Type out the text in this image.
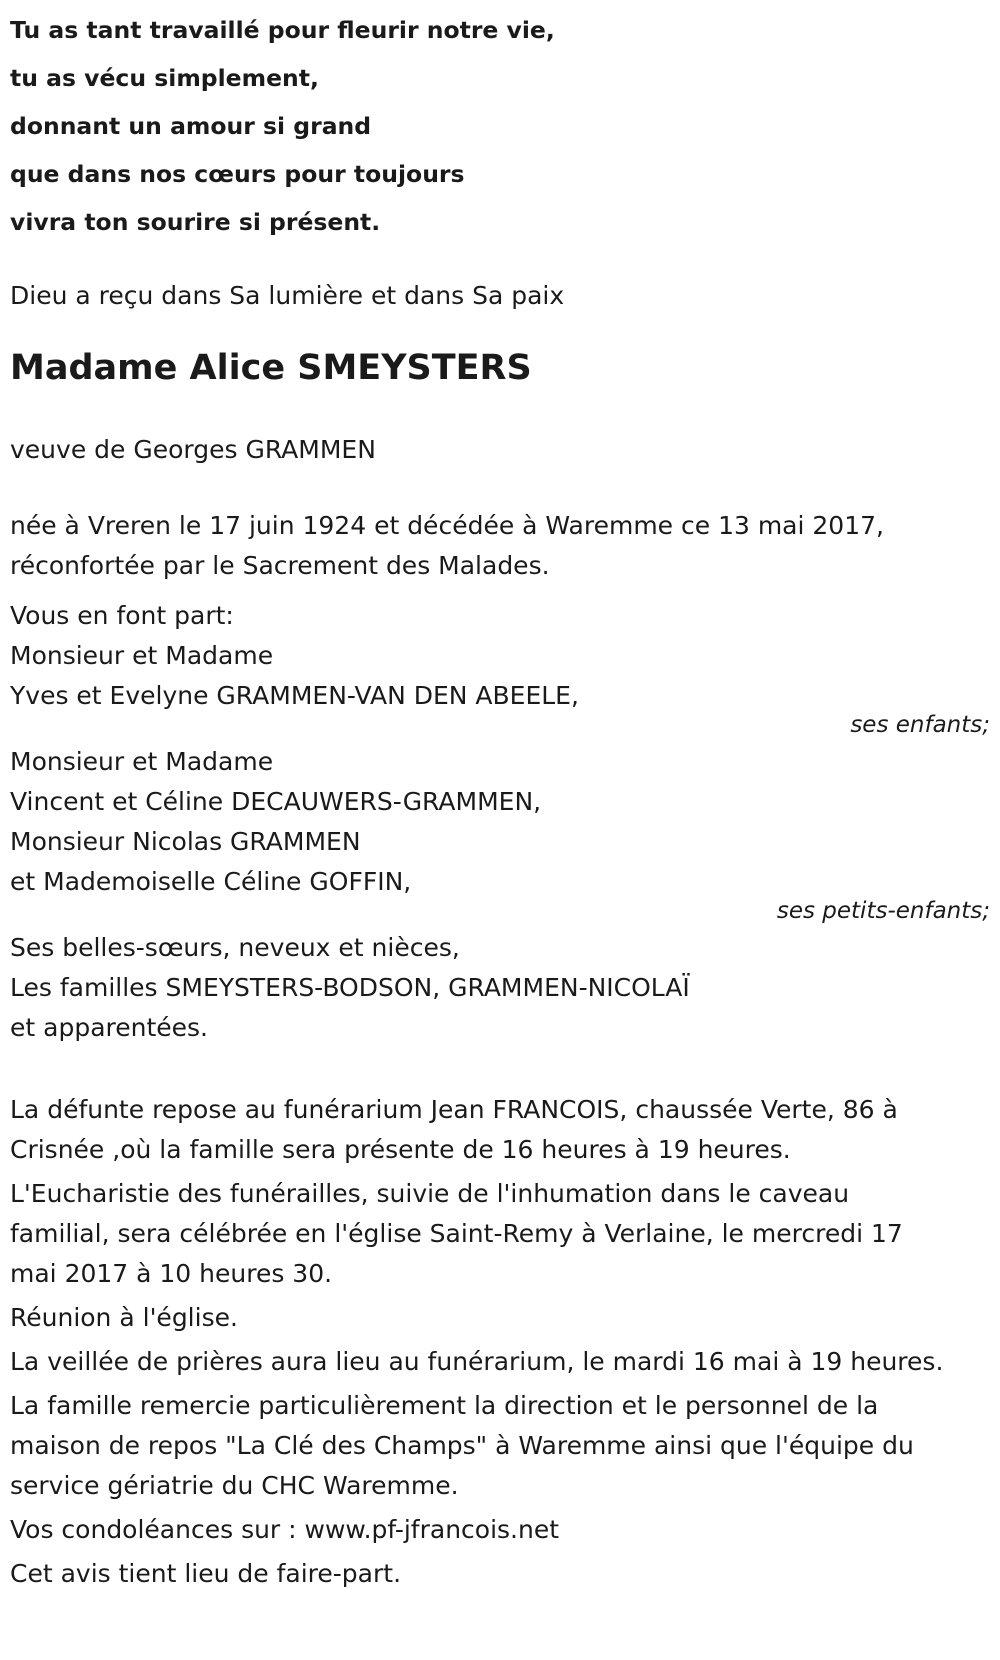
Tu as tant travaillé pour fleurir notre vie,

tu as vécu simplement,

donnant un amour si grand

que dans nos cœurs pour toujours

vivra ton sourire si présent.

Dieu a reçu dans Sa lumière et dans Sa paix

Madame Alice SMEYSTERS

veuve de Georges GRAMMEN

née à Vreren le 17 juin 1924 et décédée à Waremme ce 13 mai 2017,

réconfortée par le Sacrement des Malades.

Vous en font part:

Monsieur et Madame

Yves et Evelyne GRAMMEN-VAN DEN ABEELE,

ses enfants;

Monsieur et Madame

Vincent et Céline DECAUWERS-GRAMMEN,

Monsieur Nicolas GRAMMEN

et Mademoiselle Céline GOFFIN,

ses petits-enfants;

Ses belles-sœurs, neveux et nièces,

Les familles SMEYSTERS-BODSON, GRAMMEN-NICOLAÏ

et apparentées.

La défunte repose au funérarium Jean FRANCOIS, chaussée Verte, 86 à

Crisnée ,où la famille sera présente de 16 heures à 19 heures.

L'Eucharistie des funérailles, suivie de l'inhumation dans le caveau

familial, sera célébrée en l'église Saint-Remy à Verlaine, le mercredi 17

mai 2017 à 10 heures 30.

Réunion à l'église.

La veillée de prières aura lieu au funérarium, le mardi 16 mai à 19 heures.

La famille remercie particulièrement la direction et le personnel de la

maison de repos "La Clé des Champs" à Waremme ainsi que l'équipe du

service gériatrie du CHC Waremme.

Vos condoléances sur : www.pf-jfrancois.net

Cet avis tient lieu de faire-part.
